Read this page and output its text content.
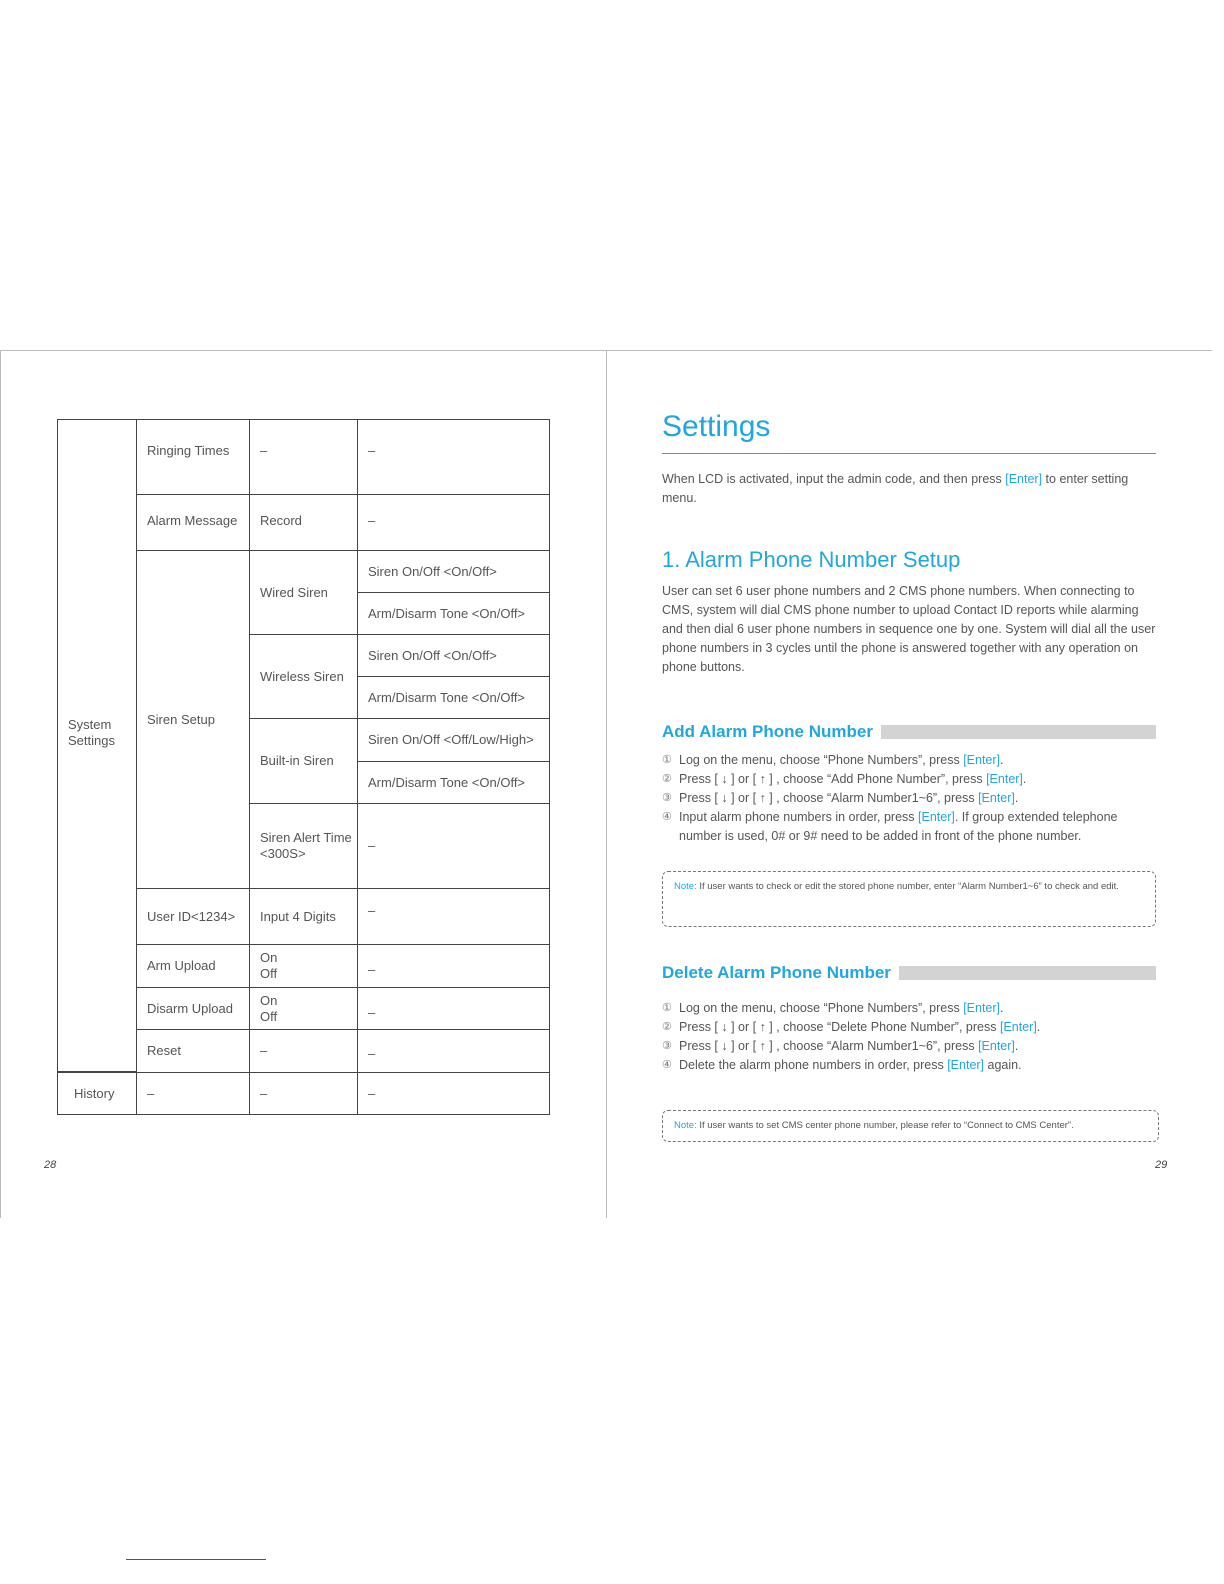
System Settings
History
Ringing Times
Alarm Message
Siren Setup
User ID<1234>
Arm Upload
Disarm Upload
Reset
–
–
Record
Wired Siren
Wireless Siren
Built-in Siren
Siren Alert Time <300S>
Input 4 Digits
On
Off
On
Off
–
–
–
–
Siren On/Off <On/Off>
Arm/Disarm Tone <On/Off>
Siren On/Off <On/Off>
Arm/Disarm Tone <On/Off>
Siren On/Off <Off/Low/High>
Arm/Disarm Tone <On/Off>
–
–
–
–
–
–
28
Settings
When LCD is activated, input the admin code, and then press [Enter] to enter setting menu.
1. Alarm Phone Number Setup
User can set 6 user phone numbers and 2 CMS phone numbers. When connecting to CMS, system will dial CMS phone number to upload Contact ID reports while alarming and then dial 6 user phone numbers in sequence one by one. System will dial all the user phone numbers in 3 cycles until the phone is answered together with any operation on phone buttons.
Add Alarm Phone Number
① Log on the menu, choose “Phone Numbers”, press [Enter].
② Press [ ↓ ] or [ ↑ ] , choose “Add Phone Number”, press [Enter].
③ Press [ ↓ ] or [ ↑ ] , choose “Alarm Number1~6”, press [Enter].
④ Input alarm phone numbers in order, press [Enter]. If group extended telephone number is used, 0# or 9# need to be added in front of the phone number.
Note: If user wants to check or edit the stored phone number, enter “Alarm Number1~6” to check and edit.
Delete Alarm Phone Number
① Log on the menu, choose “Phone Numbers”, press [Enter].
② Press [ ↓ ] or [ ↑ ] , choose “Delete Phone Number”, press [Enter].
③ Press [ ↓ ] or [ ↑ ] , choose “Alarm Number1~6”, press [Enter].
④ Delete the alarm phone numbers in order, press [Enter] again.
Note: If user wants to set CMS center phone number, please refer to “Connect to CMS Center”.
29
